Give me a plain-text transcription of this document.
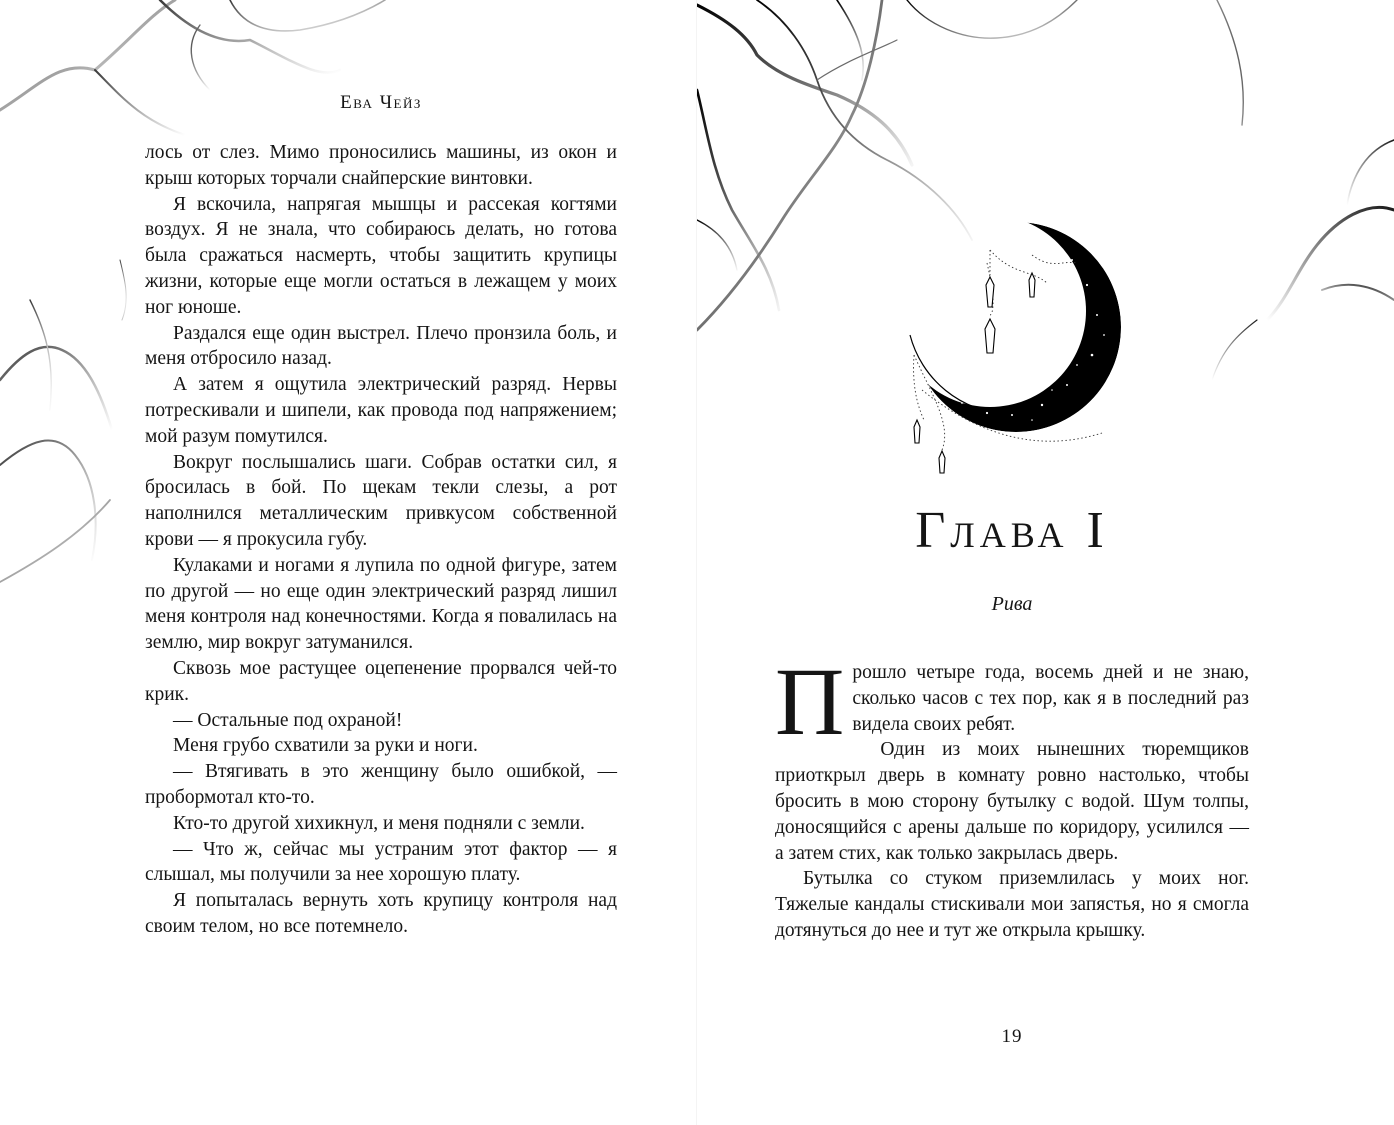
Ева Чейз

лось от слез. Мимо проносились машины, из окон и крыш которых торчали снайперские винтовки.

Я вскочила, напрягая мышцы и рассекая когтями воздух. Я не знала, что собираюсь делать, но готова была сражаться насмерть, чтобы защитить крупицы жизни, которые еще могли остаться в лежащем у моих ног юноше.

Раздался еще один выстрел. Плечо пронзила боль, и меня отбросило назад.

А затем я ощутила электрический разряд. Нервы потрескивали и шипели, как провода под напряжением; мой разум помутился.

Вокруг послышались шаги. Собрав остатки сил, я бросилась в бой. По щекам текли слезы, а рот наполнился металлическим привкусом собственной крови — я прокусила губу.

Кулаками и ногами я лупила по одной фигуре, затем по другой — но еще один электрический разряд лишил меня контроля над конечностями. Когда я повалилась на землю, мир вокруг затуманился.

Сквозь мое растущее оцепенение прорвался чей-то крик.

— Остальные под охраной!

Меня грубо схватили за руки и ноги.

— Втягивать в это женщину было ошибкой, — пробормотал кто-то.

Кто-то другой хихикнул, и меня подняли с земли.

— Что ж, сейчас мы устраним этот фактор — я слышал, мы получили за нее хорошую плату.

Я попыталась вернуть хоть крупицу контроля над своим телом, но все потемнело.

Глава I
Рива

Прошло четыре года, восемь дней и не знаю, сколько часов с тех пор, как я в последний раз видела своих ребят.

Один из моих нынешних тюремщиков приоткрыл дверь в комнату ровно настолько, чтобы бросить в мою сторону бутылку с водой. Шум толпы, доносящийся с арены дальше по коридору, усилился — а затем стих, как только закрылась дверь.

Бутылка со стуком приземлилась у моих ног. Тяжелые кандалы стискивали мои запястья, но я смогла дотянуться до нее и тут же открыла крышку.

19
